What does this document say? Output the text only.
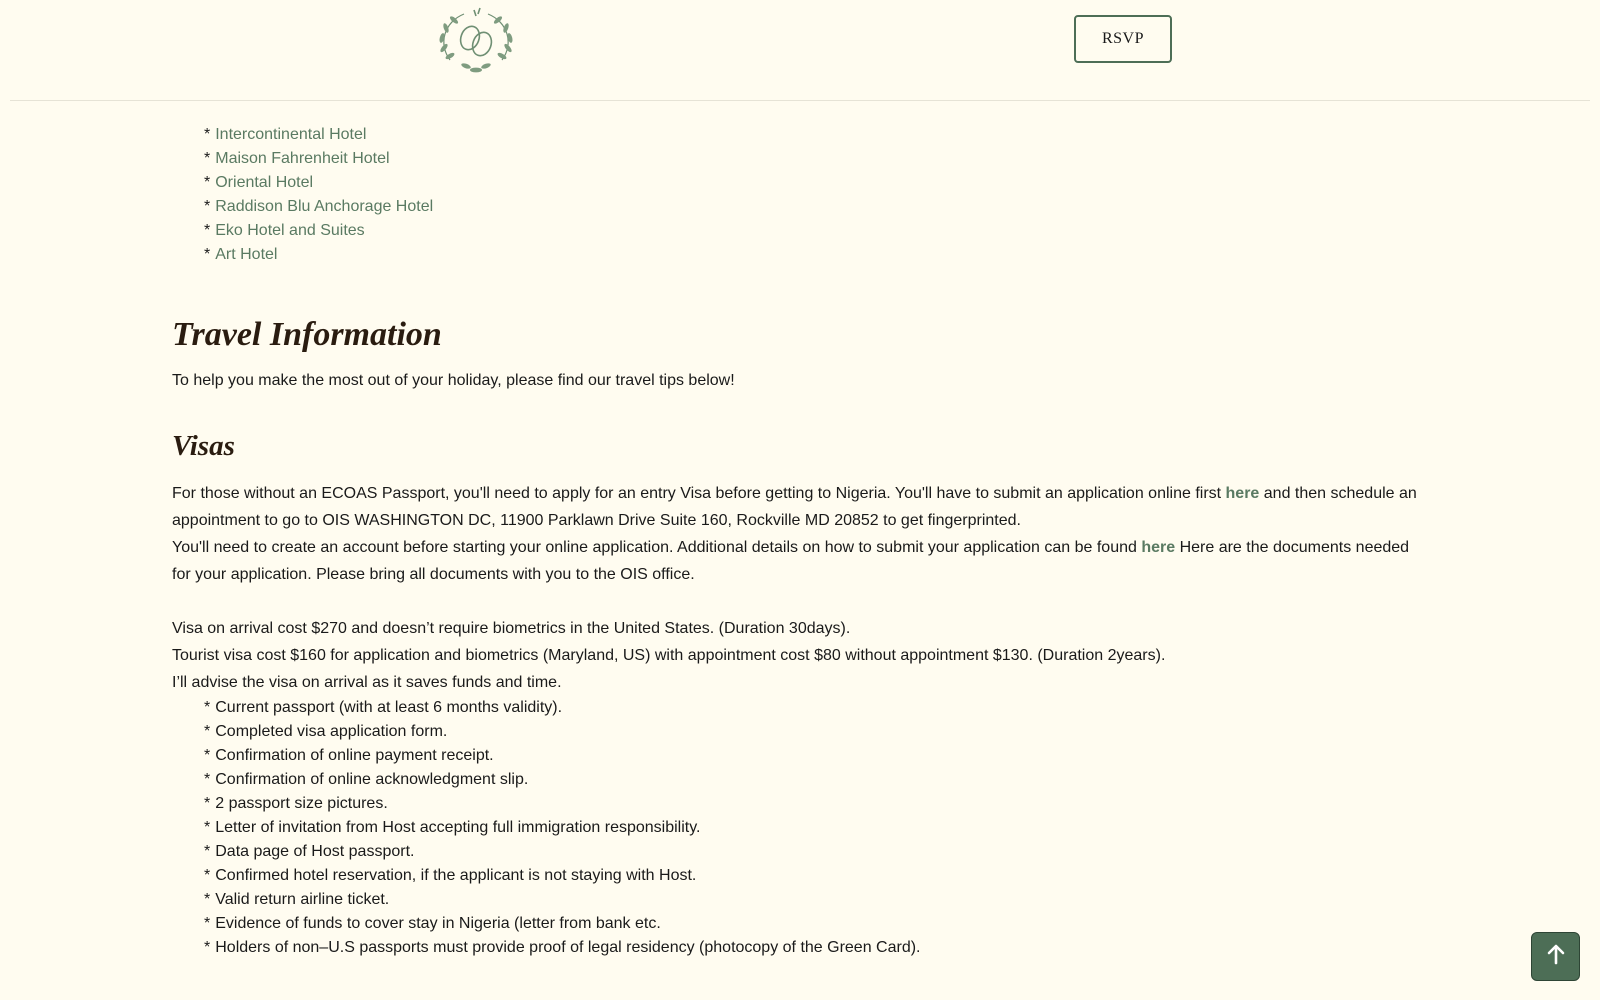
RSVP
* Intercontinental Hotel
* Maison Fahrenheit Hotel
* Oriental Hotel
* Raddison Blu Anchorage Hotel
* Eko Hotel and Suites
* Art Hotel
Travel Information

To help you make the most out of your holiday, please find our travel tips below!

Visas

For those without an ECOAS Passport, you'll need to apply for an entry Visa before getting to Nigeria. You'll have to submit an application online first here and then schedule an appointment to go to OIS WASHINGTON DC, 11900 Parklawn Drive Suite 160, Rockville MD 20852 to get fingerprinted.

You'll need to create an account before starting your online application. Additional details on how to submit your application can be found here Here are the documents needed for your application. Please bring all documents with you to the OIS office.

Visa on arrival cost $270 and doesn’t require biometrics in the United States. (Duration 30days).

Tourist visa cost $160 for application and biometrics (Maryland, US) with appointment cost $80 without appointment $130. (Duration 2years).

I’ll advise the visa on arrival as it saves funds and time.

* Current passport (with at least 6 months validity).
* Completed visa application form.
* Confirmation of online payment receipt.
* Confirmation of online acknowledgment slip.
* 2 passport size pictures.
* Letter of invitation from Host accepting full immigration responsibility.
* Data page of Host passport.
* Confirmed hotel reservation, if the applicant is not staying with Host.
* Valid return airline ticket.
* Evidence of funds to cover stay in Nigeria (letter from bank etc.
* Holders of non–U.S passports must provide proof of legal residency (photocopy of the Green Card).
